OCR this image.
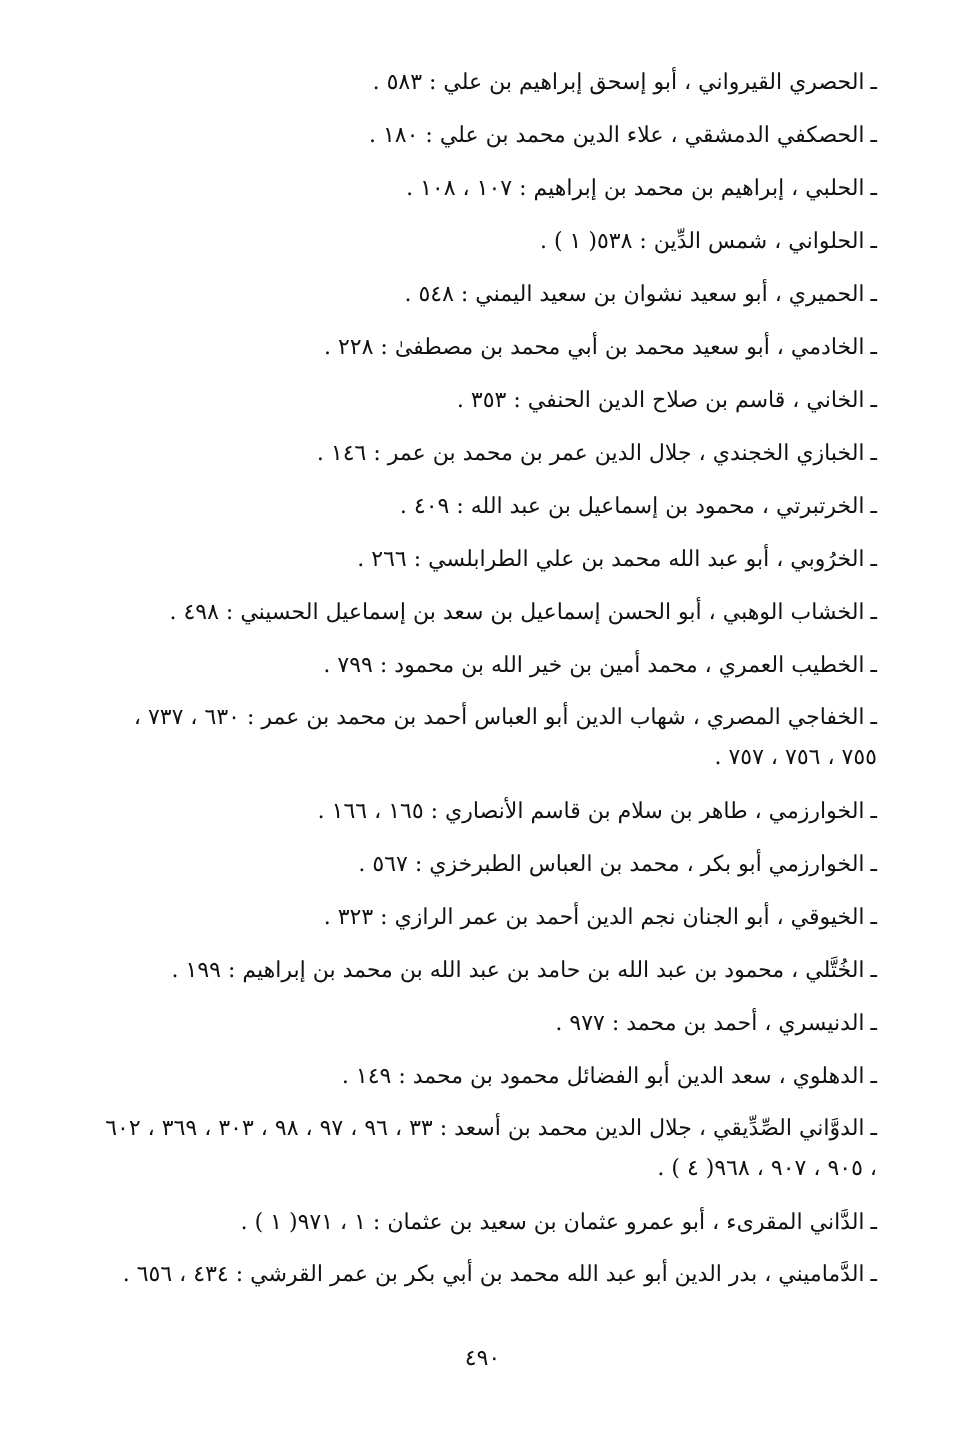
ـالحصري القيرواني ، أبو إسحق إبراهيم بن علي : ٥٨٣ .
ـالحصكفي الدمشقي ، علاء الدين محمد بن علي : ١٨٠ .
ـالحلبي ، إبراهيم بن محمد بن إبراهيم : ١٠٧ ، ١٠٨ .
ـالحلواني ، شمس الدِّين : ٥٣٨( ١ ) .
ـالحميري ، أبو سعيد نشوان بن سعيد اليمني : ٥٤٨ .
ـالخادمي ، أبو سعيد محمد بن أبي محمد بن مصطفىٰ : ٢٢٨ .
ـالخاني ، قاسم بن صلاح الدين الحنفي : ٣٥٣ .
ـالخبازي الخجندي ، جلال الدين عمر بن محمد بن عمر : ١٤٦ .
ـالخرتبرتي ، محمود بن إسماعيل بن عبد الله : ٤٠٩ .
ـالخرُوبي ، أبو عبد الله محمد بن علي الطرابلسي : ٢٦٦ .
ـالخشاب الوهبي ، أبو الحسن إسماعيل بن سعد بن إسماعيل الحسيني : ٤٩٨ .
ـالخطيب العمري ، محمد أمين بن خير الله بن محمود : ٧٩٩ .
ـالخفاجي المصري ، شهاب الدين أبو العباس أحمد بن محمد بن عمر : ٦٣٠ ، ٧٣٧ ، ٧٥٥ ، ٧٥٦ ، ٧٥٧ .
ـالخوارزمي ، طاهر بن سلام بن قاسم الأنصاري : ١٦٥ ، ١٦٦ .
ـالخوارزمي أبو بكر ، محمد بن العباس الطبرخزي : ٥٦٧ .
ـالخيوقي ، أبو الجنان نجم الدين أحمد بن عمر الرازي : ٣٢٣ .
ـالخُتَّلي ، محمود بن عبد الله بن حامد بن عبد الله بن محمد بن إبراهيم : ١٩٩ .
ـالدنيسري ، أحمد بن محمد : ٩٧٧ .
ـالدهلوي ، سعد الدين أبو الفضائل محمود بن محمد : ١٤٩ .
ـالدوَّاني الصِّدِّيقي ، جلال الدين محمد بن أسعد : ٣٣ ، ٩٦ ، ٩٧ ، ٩٨ ، ٣٠٣ ، ٣٦٩ ، ٦٠٢ ، ٩٠٥ ، ٩٠٧ ، ٩٦٨( ٤ ) .
ـالدَّاني المقرىء ، أبو عمرو عثمان بن سعيد بن عثمان : ١ ، ٩٧١( ١ ) .
ـالدَّماميني ، بدر الدين أبو عبد الله محمد بن أبي بكر بن عمر القرشي : ٤٣٤ ، ٦٥٦ .
٤٩٠
